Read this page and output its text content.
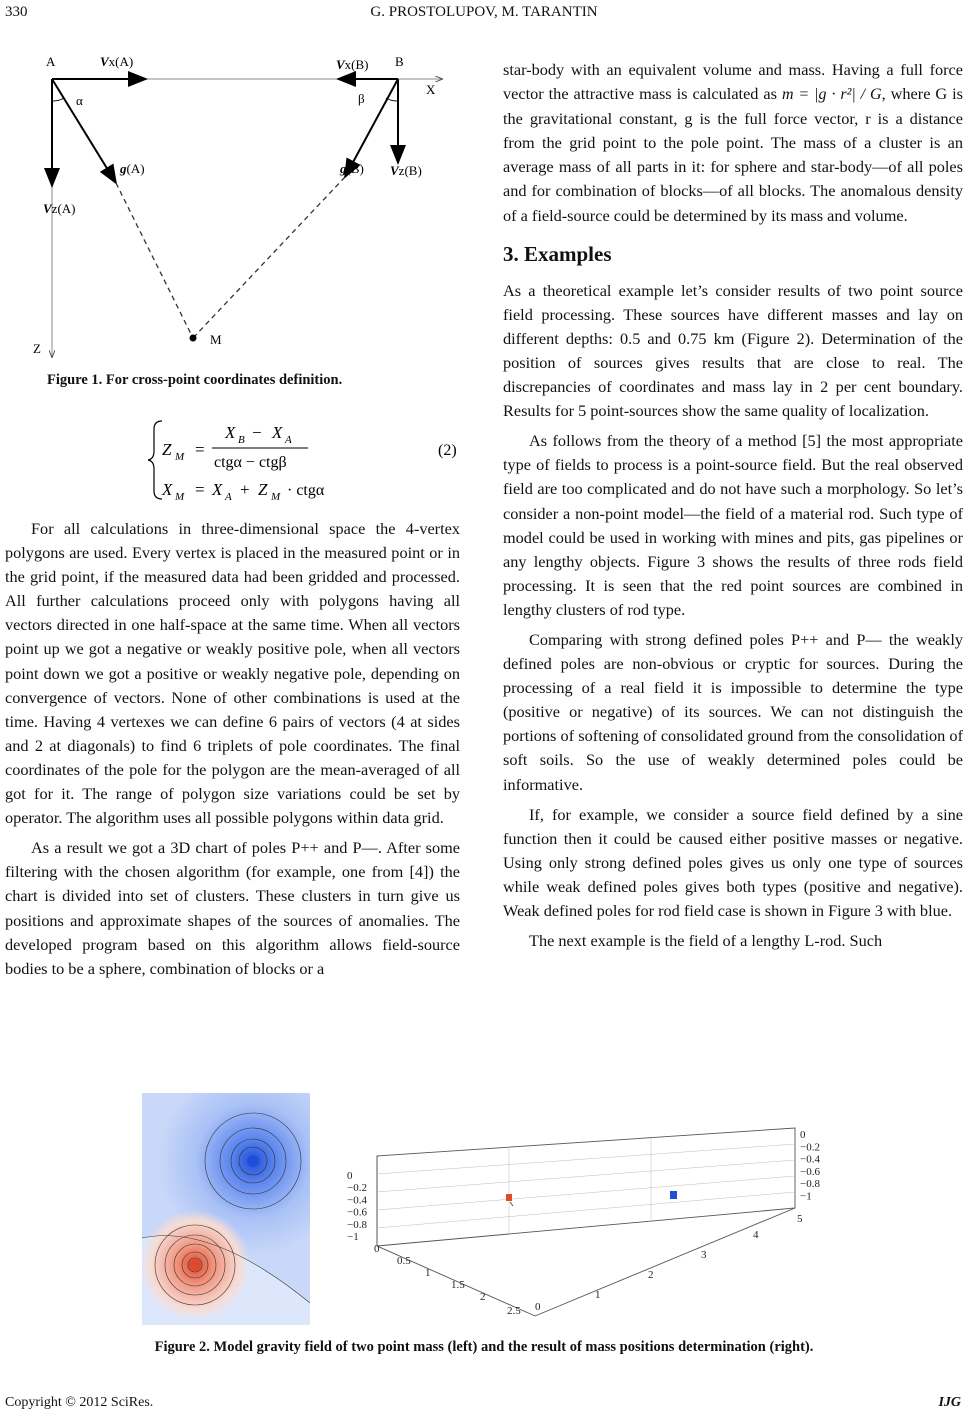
330	G. PROSTOLUPOV, M. TARANTIN
A	B
X
Z
M
α	β
Vx(A)	Vx(B)
Vz(A)
Vz(B)
g(A)	g(B)
Figure 1. For cross-point coordinates definition.
Z M =
X B − X A
ctgα − ctgβ
X M = X A + Z M · ctgα
(2)

For all calculations in three-dimensional space the 4-vertex polygons are used. Every vertex is placed in the measured point or in the grid point, if the measured data had been gridded and processed. All further calculations proceed only with polygons having all vectors directed in one half-space at the same time. When all vectors point up we got a negative or weakly positive pole, when all vectors point down we got a positive or weakly negative pole, depending on convergence of vectors. None of other combinations is used at the time. Having 4 vertexes we can define 6 pairs of vectors (4 at sides and 2 at diagonals) to find 6 triplets of pole coordinates. The final coordinates of the pole for the polygon are the mean-averaged of all got for it. The range of polygon size variations could be set by operator. The algorithm uses all possible polygons within data grid.

As a result we got a 3D chart of poles P++ and P––. After some filtering with the chosen algorithm (for example, one from [4]) the chart is divided into set of clusters. These clusters in turn give us positions and approximate shapes of the sources of anomalies. The developed program based on this algorithm allows field-source bodies to be a sphere, combination of blocks or a

star-body with an equivalent volume and mass. Having a full force vector the attractive mass is calculated as m = |g · r²| / G, where G is the gravitational constant, g is the full force vector, r is a distance from the grid point to the pole point. The mass of a cluster is an average mass of all parts in it: for sphere and star-body—of all poles and for combination of blocks—of all blocks. The anomalous density of a field-source could be determined by its mass and volume.

3. Examples

As a theoretical example let’s consider results of two point source field processing. These sources have different masses and lay on different depths: 0.5 and 0.75 km (Figure 2). Determination of the position of sources gives results that are close to real. The discrepancies of coordinates and mass lay in 2 per cent boundary. Results for 5 point-sources show the same quality of localization.

As follows from the theory of a method [5] the most appropriate type of fields to process is a point-source field. But the real observed field are too complicated and do not have such a morphology. So let’s consider a non-point model—the field of a material rod. Such type of model could be used in working with mines and pits, gas pipelines or any lengthy objects. Figure 3 shows the results of three rods field processing. It is seen that the red point sources are combined in lengthy clusters of rod type.

Comparing with strong defined poles P++ and P–– the weakly defined poles are non-obvious or cryptic for sources. During the processing of a real field it is impossible to determine the type (positive or negative) of its sources. We can not distinguish the portions of softening of consolidated ground from the consolidation of soft soils. So the use of weakly determined poles could be informative.

If, for example, we consider a source field defined by a sine function then it could be caused either positive masses or negative. Using only strong defined poles gives us only one type of sources while weak defined poles gives both types (positive and negative). Weak defined poles for rod field case is shown in Figure 3 with blue.

The next example is the field of a lengthy L-rod. Such

0
−0.2
−0.4
−0.6
−0.8
−1
0
−0.2
−0.4
−0.6
−0.8
−1
0
0.5
1
1.5
2
2.5 0
1
2
3
4
5
Figure 2. Model gravity field of two point mass (left) and the result of mass positions determination (right).
Copyright © 2012 SciRes.	IJG
